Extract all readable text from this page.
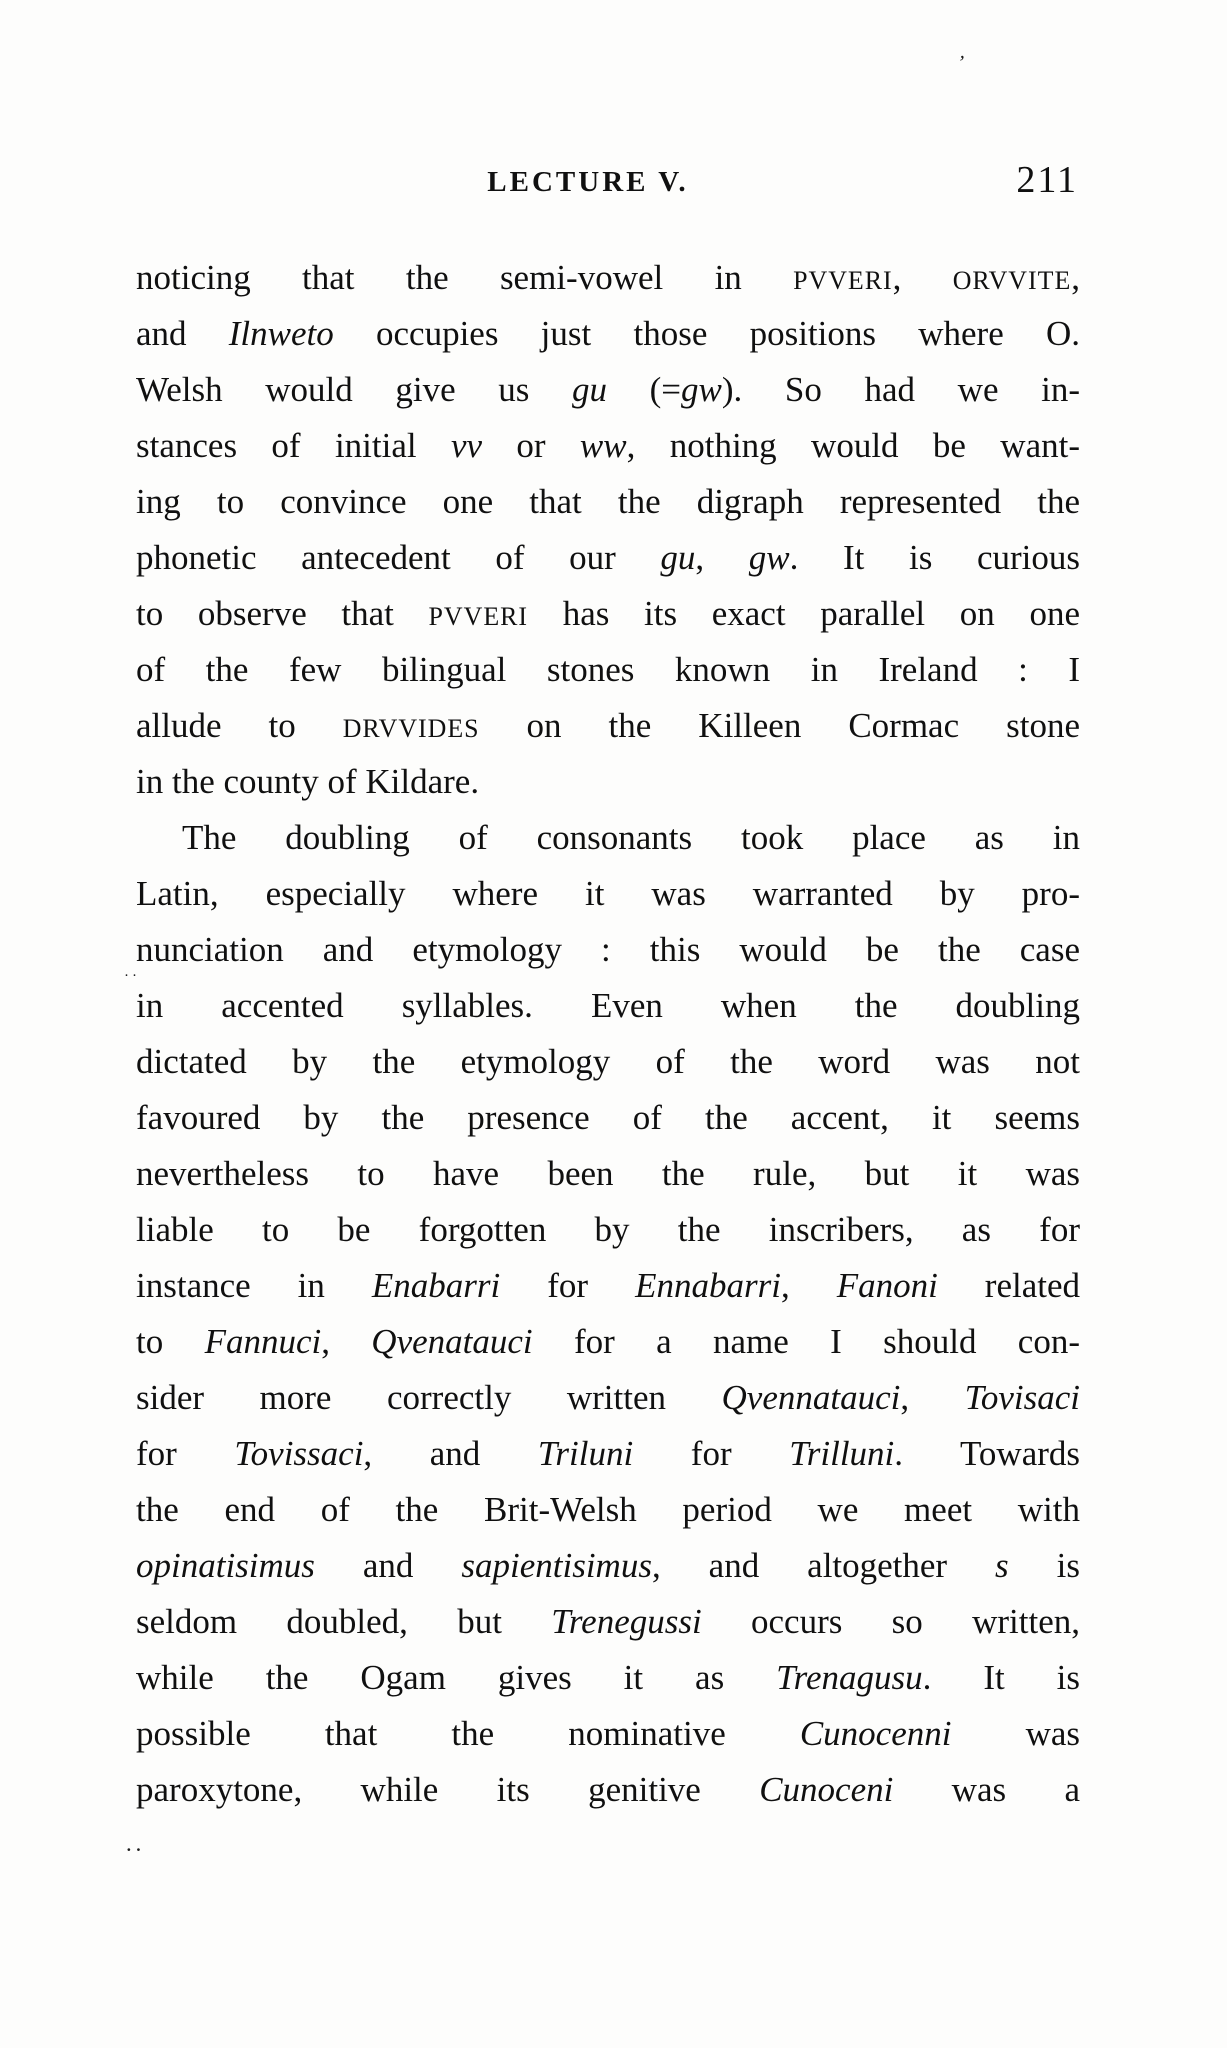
LECTURE V.	211
noticing that the semi-vowel in PVVERI, ORVVITE,
and Ilnweto occupies just those positions where O.
Welsh would give us gu (=gw). So had we in-
stances of initial vv or ww, nothing would be want-
ing to convince one that the digraph represented the
phonetic antecedent of our gu, gw. It is curious
to observe that PVVERI has its exact parallel on one
of the few bilingual stones known in Ireland : I
allude to DRVVIDES on the Killeen Cormac stone
in the county of Kildare.
The doubling of consonants took place as in
Latin, especially where it was warranted by pro-
nunciation and etymology : this would be the case
in accented syllables. Even when the doubling
dictated by the etymology of the word was not
favoured by the presence of the accent, it seems
nevertheless to have been the rule, but it was
liable to be forgotten by the inscribers, as for
instance in Enabarri for Ennabarri, Fanoni related
to Fannuci, Qvenatauci for a name I should con-
sider more correctly written Qvennatauci, Tovisaci
for Tovissaci, and Triluni for Trilluni. Towards
the end of the Brit-Welsh period we meet with
opinatisimus and sapientisimus, and altogether s is
seldom doubled, but Trenegussi occurs so written,
while the Ogam gives it as Trenagusu. It is
possible that the nominative Cunocenni was
paroxytone, while its genitive Cunoceni was a
’
··
··
